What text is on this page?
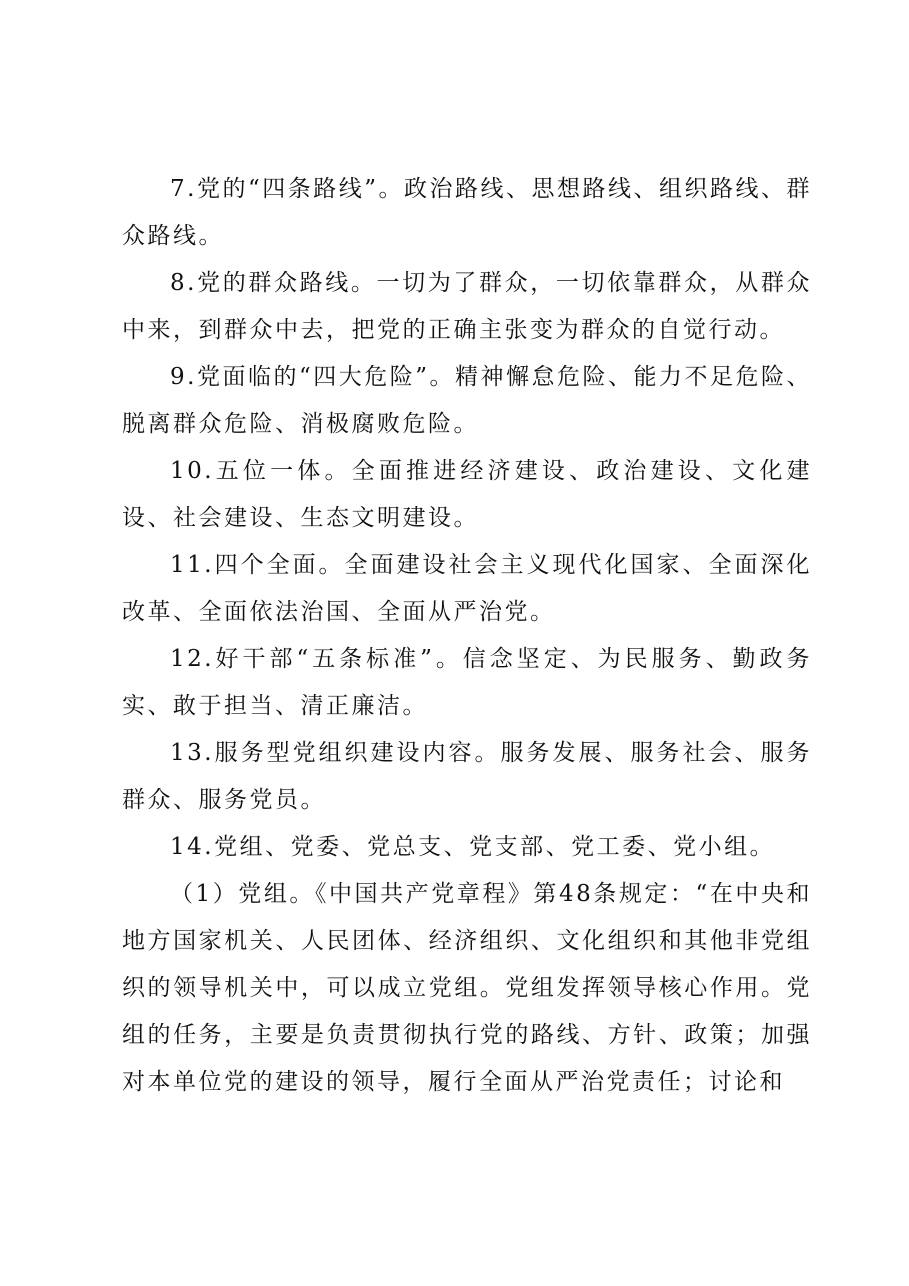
7.党的“四条路线”。政治路线、思想路线、组织路线、群众路线。

8.党的群众路线。一切为了群众，一切依靠群众，从群众中来，到群众中去，把党的正确主张变为群众的自觉行动。

9.党面临的“四大危险”。精神懈怠危险、能力不足危险、脱离群众危险、消极腐败危险。

10.五位一体。全面推进经济建设、政治建设、文化建设、社会建设、生态文明建设。

11.四个全面。全面建设社会主义现代化国家、全面深化改革、全面依法治国、全面从严治党。

12.好干部“五条标准”。信念坚定、为民服务、勤政务实、敢于担当、清正廉洁。

13.服务型党组织建设内容。服务发展、服务社会、服务群众、服务党员。

14.党组、党委、党总支、党支部、党工委、党小组。

（1）党组。《中国共产党章程》第48条规定：“在中央和地方国家机关、人民团体、经济组织、文化组织和其他非党组织的领导机关中，可以成立党组。党组发挥领导核心作用。党组的任务，主要是负责贯彻执行党的路线、方针、政策；加强对本单位党的建设的领导，履行全面从严治党责任；讨论和
